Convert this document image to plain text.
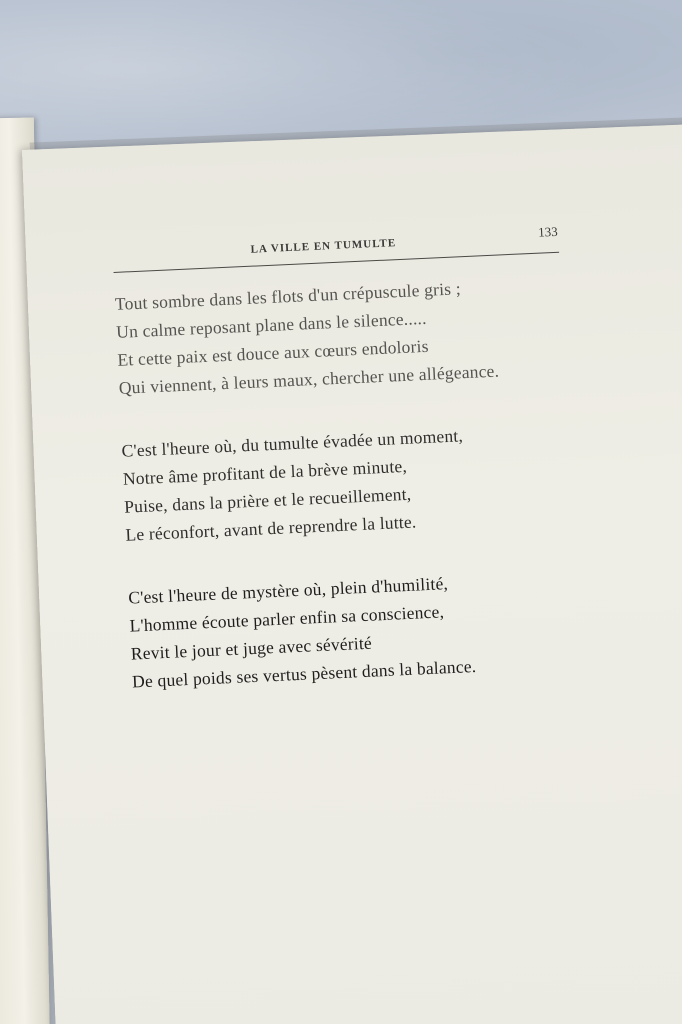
LA VILLE EN TUMULTE
133
Tout sombre dans les flots d'un crépuscule gris ;
Un calme reposant plane dans le silence.....
Et cette paix est douce aux cœurs endoloris
Qui viennent, à leurs maux, chercher une allégeance.
C'est l'heure où, du tumulte évadée un moment,
Notre âme profitant de la brève minute,
Puise, dans la prière et le recueillement,
Le réconfort, avant de reprendre la lutte.
C'est l'heure de mystère où, plein d'humilité,
L'homme écoute parler enfin sa conscience,
Revit le jour et juge avec sévérité
De quel poids ses vertus pèsent dans la balance.
